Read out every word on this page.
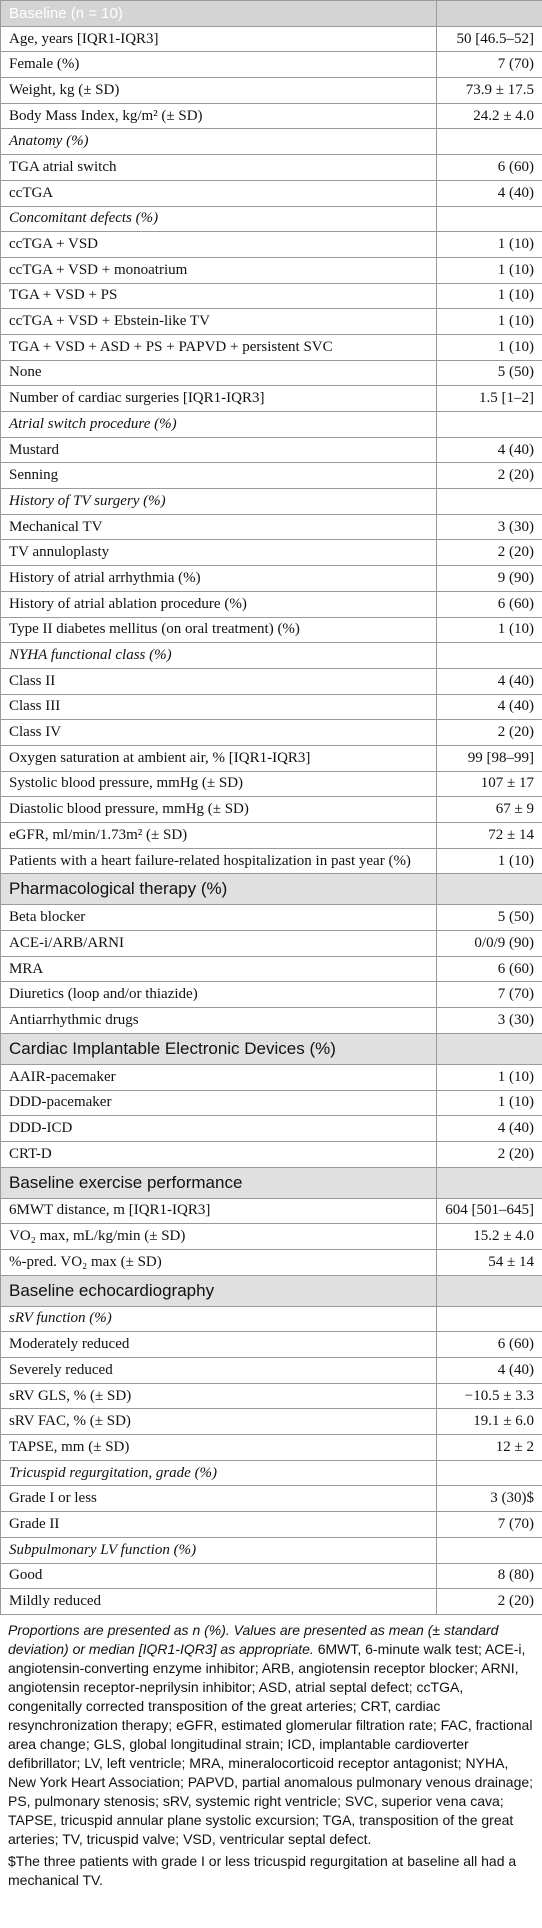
Baseline (n = 10)	
Age, years [IQR1-IQR3]	50 [46.5–52]
Female (%)	7 (70)
Weight, kg (± SD)	73.9 ± 17.5
Body Mass Index, kg/m² (± SD)	24.2 ± 4.0
Anatomy (%)	
TGA atrial switch	6 (60)
ccTGA	4 (40)
Concomitant defects (%)	
ccTGA + VSD	1 (10)
ccTGA + VSD + monoatrium	1 (10)
TGA + VSD + PS	1 (10)
ccTGA + VSD + Ebstein-like TV	1 (10)
TGA + VSD + ASD + PS + PAPVD + persistent SVC	1 (10)
None	5 (50)
Number of cardiac surgeries [IQR1-IQR3]	1.5 [1–2]
Atrial switch procedure (%)	
Mustard	4 (40)
Senning	2 (20)
History of TV surgery (%)	
Mechanical TV	3 (30)
TV annuloplasty	2 (20)
History of atrial arrhythmia (%)	9 (90)
History of atrial ablation procedure (%)	6 (60)
Type II diabetes mellitus (on oral treatment) (%)	1 (10)
NYHA functional class (%)	
Class II	4 (40)
Class III	4 (40)
Class IV	2 (20)
Oxygen saturation at ambient air, % [IQR1-IQR3]	99 [98–99]
Systolic blood pressure, mmHg (± SD)	107 ± 17
Diastolic blood pressure, mmHg (± SD)	67 ± 9
eGFR, ml/min/1.73m² (± SD)	72 ± 14
Patients with a heart failure-related hospitalization in past year (%)	1 (10)
Pharmacological therapy (%)	
Beta blocker	5 (50)
ACE-i/ARB/ARNI	0/0/9 (90)
MRA	6 (60)
Diuretics (loop and/or thiazide)	7 (70)
Antiarrhythmic drugs	3 (30)
Cardiac Implantable Electronic Devices (%)	
AAIR-pacemaker	1 (10)
DDD-pacemaker	1 (10)
DDD-ICD	4 (40)
CRT-D	2 (20)
Baseline exercise performance	
6MWT distance, m [IQR1-IQR3]	604 [501–645]
VO₂ max, mL/kg/min (± SD)	15.2 ± 4.0
%-pred. VO₂ max (± SD)	54 ± 14
Baseline echocardiography	
sRV function (%)	
Moderately reduced	6 (60)
Severely reduced	4 (40)
sRV GLS, % (± SD)	−10.5 ± 3.3
sRV FAC, % (± SD)	19.1 ± 6.0
TAPSE, mm (± SD)	12 ± 2
Tricuspid regurgitation, grade (%)	
Grade I or less	3 (30)$
Grade II	7 (70)
Subpulmonary LV function (%)	
Good	8 (80)
Mildly reduced	2 (20)

Proportions are presented as n (%). Values are presented as mean (± standard deviation) or median [IQR1-IQR3] as appropriate. 6MWT, 6-minute walk test; ACE-i, angiotensin-converting enzyme inhibitor; ARB, angiotensin receptor blocker; ARNI, angiotensin receptor-neprilysin inhibitor; ASD, atrial septal defect; ccTGA, congenitally corrected transposition of the great arteries; CRT, cardiac resynchronization therapy; eGFR, estimated glomerular filtration rate; FAC, fractional area change; GLS, global longitudinal strain; ICD, implantable cardioverter defibrillator; LV, left ventricle; MRA, mineralocorticoid receptor antagonist; NYHA, New York Heart Association; PAPVD, partial anomalous pulmonary venous drainage; PS, pulmonary stenosis; sRV, systemic right ventricle; SVC, superior vena cava; TAPSE, tricuspid annular plane systolic excursion; TGA, transposition of the great arteries; TV, tricuspid valve; VSD, ventricular septal defect.

$The three patients with grade I or less tricuspid regurgitation at baseline all had a mechanical TV.
